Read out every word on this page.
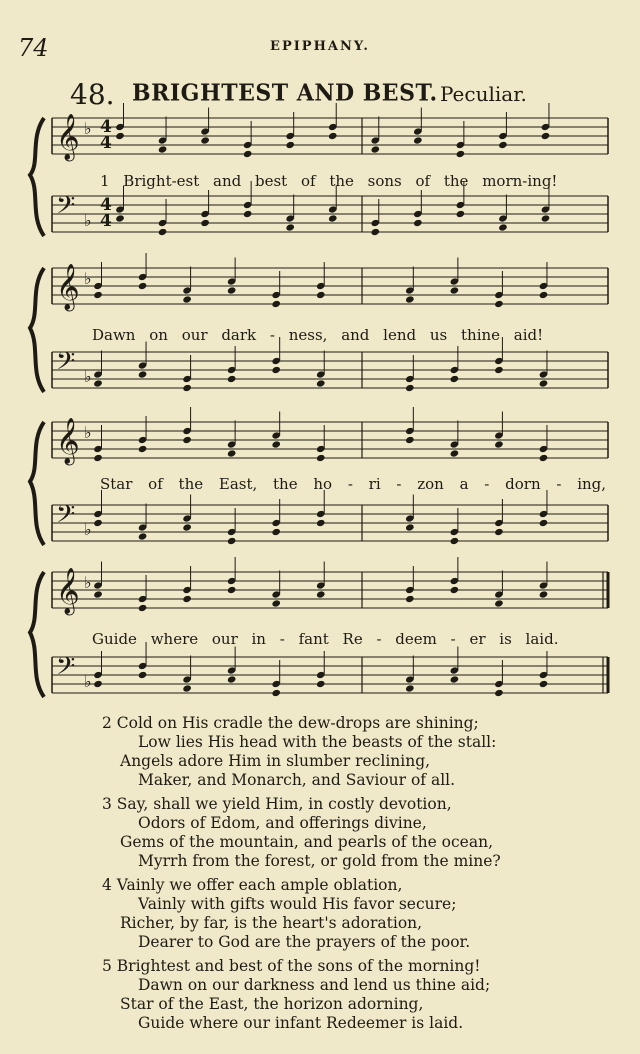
74	EPIPHANY.
48. BRIGHTEST AND BEST. Peculiar.
𝄞 ♭
𝄢 ♭
4
4
4
4
𝄞 ♭
𝄢 ♭
𝄞 ♭
𝄢 ♭
𝄞 ♭
𝄢 ♭
1 Bright-est and best of the sons of the morn-ing!
Dawn on our dark - ness, and lend us thine aid!
Star of the East, the ho - ri - zon a - dorn - ing,
Guide where our in - fant Re - deem - er is laid.
2 Cold on His cradle the dew-drops are shining;
Low lies His head with the beasts of the stall:
Angels adore Him in slumber reclining,
Maker, and Monarch, and Saviour of all.
3 Say, shall we yield Him, in costly devotion,
Odors of Edom, and offerings divine,
Gems of the mountain, and pearls of the ocean,
Myrrh from the forest, or gold from the mine?
4 Vainly we offer each ample oblation,
Vainly with gifts would His favor secure;
Richer, by far, is the heart's adoration,
Dearer to God are the prayers of the poor.
5 Brightest and best of the sons of the morning!
Dawn on our darkness and lend us thine aid;
Star of the East, the horizon adorning,
Guide where our infant Redeemer is laid.
